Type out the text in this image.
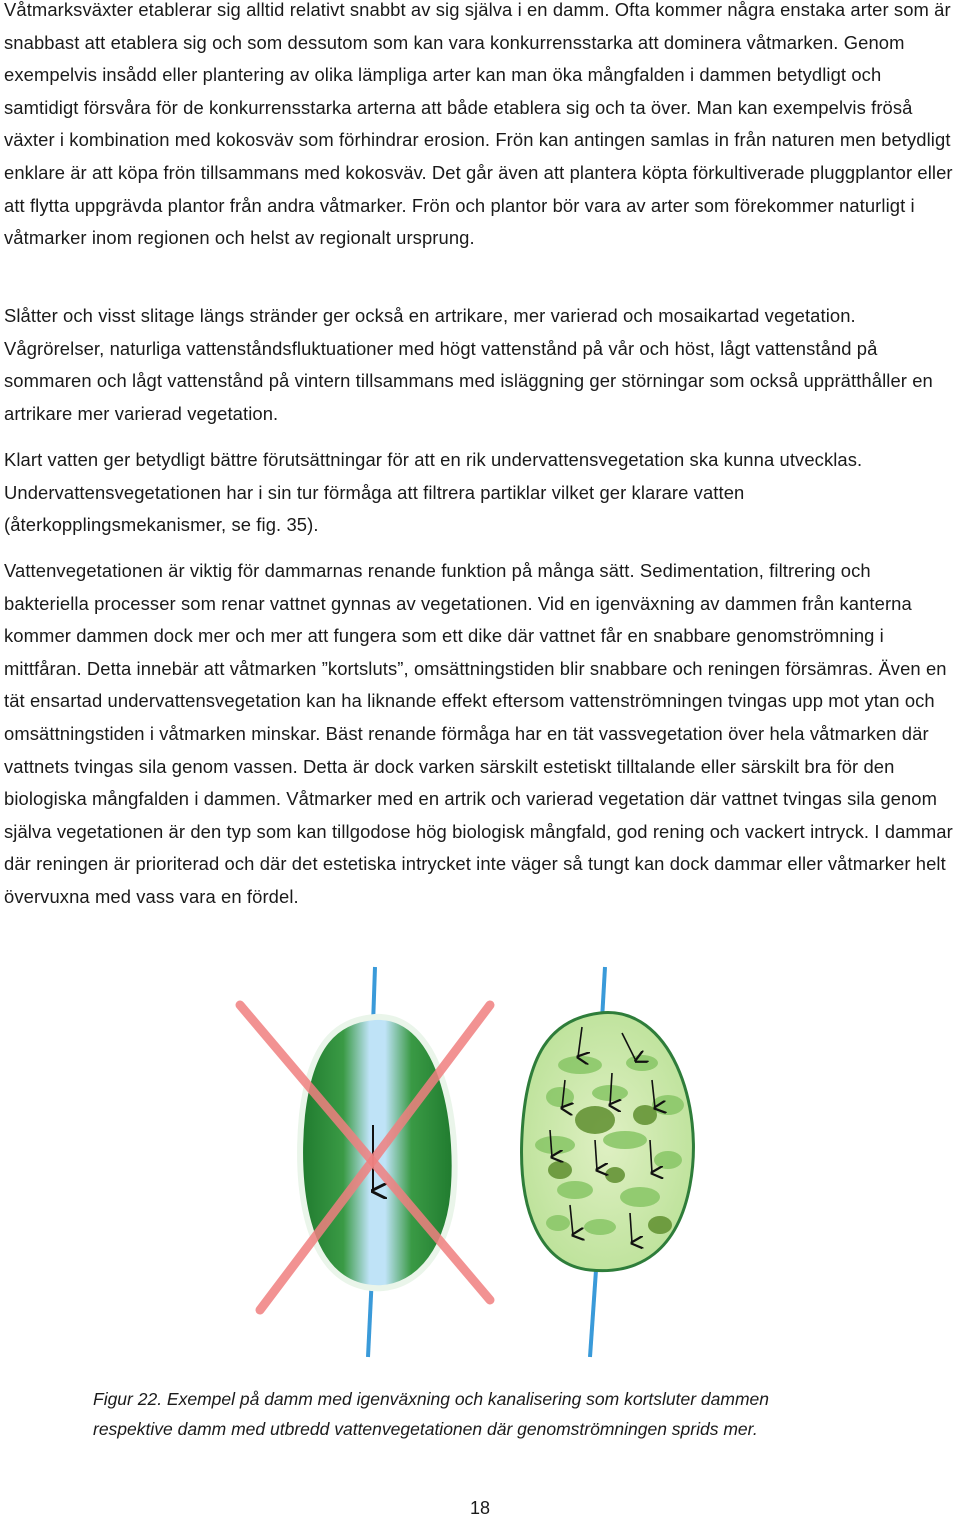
Våtmarksväxter etablerar sig alltid relativt snabbt av sig själva i en damm. Ofta kommer några enstaka arter som är snabbast att etablera sig och som dessutom som kan vara konkurrensstarka att dominera våtmarken. Genom exempelvis insådd eller plantering av olika lämpliga arter kan man öka mångfalden i dammen betydligt och samtidigt försvåra för de konkurrensstarka arterna att både etablera sig och ta över. Man kan exempelvis fröså växter i kombination med kokosväv som förhindrar erosion. Frön kan antingen samlas in från naturen men betydligt enklare är att köpa frön tillsammans med kokosväv. Det går även att plantera köpta förkultiverade pluggplantor eller att flytta uppgrävda plantor från andra våtmarker. Frön och plantor bör vara av arter som förekommer naturligt i våtmarker inom regionen och helst av regionalt ursprung.

Slåtter och visst slitage längs stränder ger också en artrikare, mer varierad och mosaikartad vegetation. Vågrörelser, naturliga vattenståndsfluktuationer med högt vattenstånd på vår och höst, lågt vattenstånd på sommaren och lågt vattenstånd på vintern tillsammans med isläggning ger störningar som också upprätthåller en artrikare mer varierad vegetation.

Klart vatten ger betydligt bättre förutsättningar för att en rik undervattensvegetation ska kunna utvecklas. Undervattensvegetationen har i sin tur förmåga att filtrera partiklar vilket ger klarare vatten (återkopplingsmekanismer, se fig. 35).

Vattenvegetationen är viktig för dammarnas renande funktion på många sätt. Sedimentation, filtrering och bakteriella processer som renar vattnet gynnas av vegetationen. Vid en igenväxning av dammen från kanterna kommer dammen dock mer och mer att fungera som ett dike där vattnet får en snabbare genomströmning i mittfåran. Detta innebär att våtmarken ”kortsluts”, omsättningstiden blir snabbare och reningen försämras. Även en tät ensartad undervattensvegetation kan ha liknande effekt eftersom vattenströmningen tvingas upp mot ytan och omsättningstiden i våtmarken minskar. Bäst renande förmåga har en tät vassvegetation över hela våtmarken där vattnets tvingas sila genom vassen. Detta är dock varken särskilt estetiskt tilltalande eller särskilt bra för den biologiska mångfalden i dammen. Våtmarker med en artrik och varierad vegetation där vattnet tvingas sila genom själva vegetationen är den typ som kan tillgodose hög biologisk mångfald, god rening och vackert intryck. I dammar där reningen är prioriterad och där det estetiska intrycket inte väger så tungt kan dock dammar eller våtmarker helt övervuxna med vass vara en fördel.

Figur 22. Exempel på damm med igenväxning och kanalisering som kortsluter dammen
respektive damm med utbredd vattenvegetationen där genomströmningen sprids mer.

18
